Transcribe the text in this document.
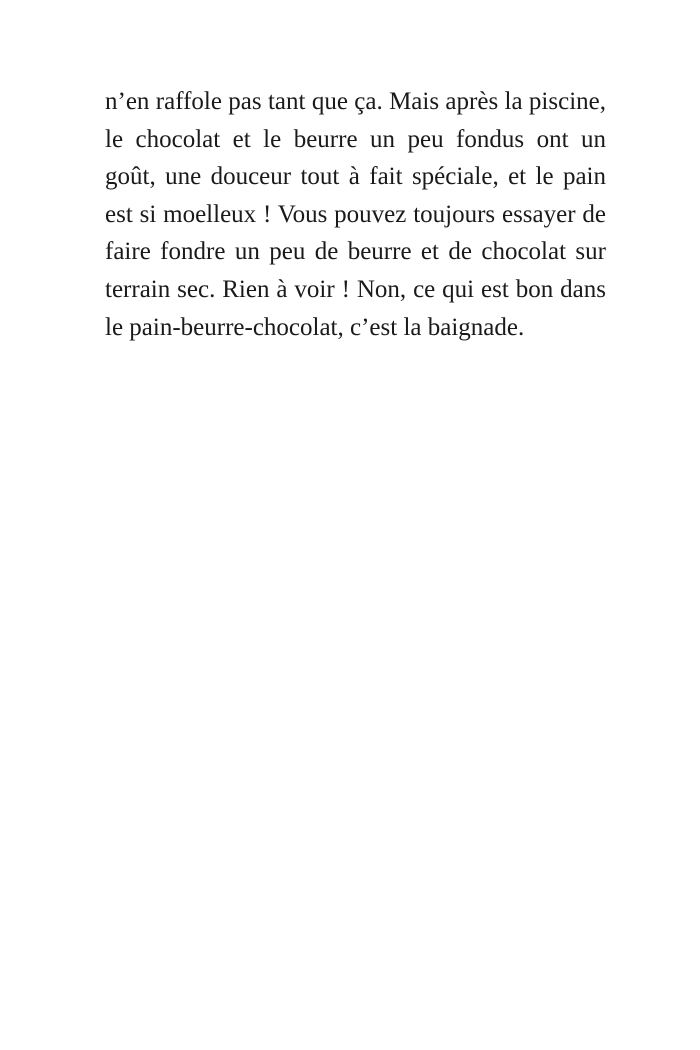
n’en raffole pas tant que ça. Mais après la piscine,
le chocolat et le beurre un peu fondus ont un
goût, une douceur tout à fait spéciale, et le pain
est si moelleux ! Vous pouvez toujours essayer de
faire fondre un peu de beurre et de chocolat sur
terrain sec. Rien à voir ! Non, ce qui est bon dans
le pain-beurre-chocolat, c’est la baignade.
